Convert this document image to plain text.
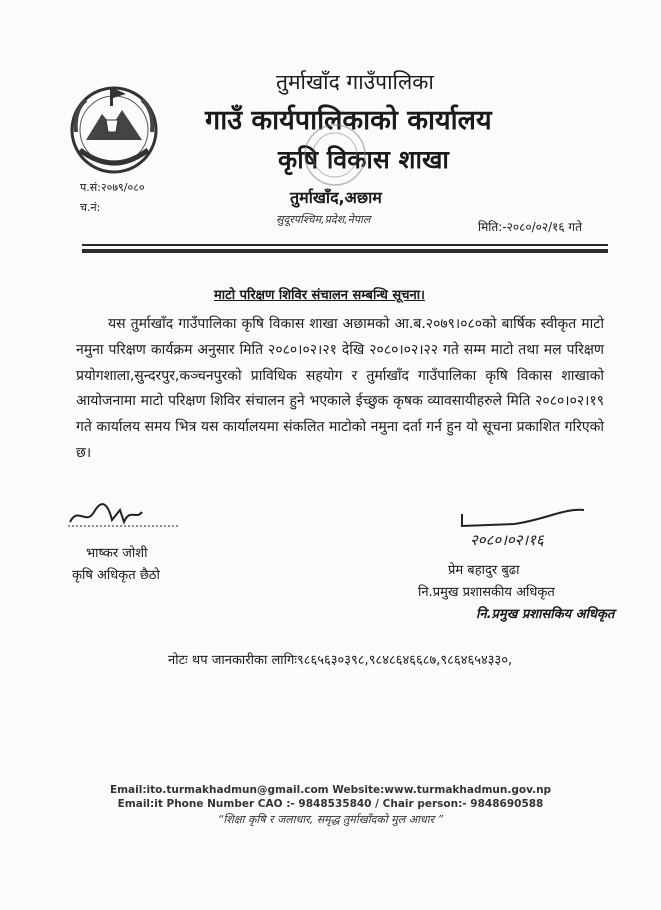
तुर्माखाँद गाउँपालिका
गाउँ कार्यपालिकाको कार्यालय
कृषि विकास शाखा
तुर्माखाँद,अछाम
सुदूरपश्चिम,प्रदेश,नेपाल
प.सं:२०७९/०८०
च.नं:
मिति:-२०८०/०२/१६ गते
माटो परिक्षण शिविर संचालन सम्बन्धि सूचना।
यस तुर्माखाँद गाउँपालिका कृषि विकास शाखा अछामको आ.ब.२०७९।०८०को बार्षिक स्वीकृत माटो नमुना परिक्षण कार्यक्रम अनुसार मिति २०८०।०२।२१ देखि २०८०।०२।२२ गते सम्म माटो तथा मल परिक्षण प्रयोगशाला,सुन्दरपुर,कञ्चनपुरको प्राविधिक सहयोग र तुर्माखाँद गाउँपालिका कृषि विकास शाखाको आयोजनामा माटो परिक्षण शिविर संचालन हुने भएकाले ईच्छुक कृषक व्यावसायीहरुले मिति २०८०।०२।१९ गते कार्यालय समय भित्र यस कार्यालयमा संकलित माटोको नमुना दर्ता गर्न हुन यो सूचना प्रकाशित गरिएको छ।
भाष्कर जोशी
कृषि अधिकृत छैठो
२०८०।०२।१६
प्रेम बहादुर बुढा
नि.प्रमुख प्रशासकीय अधिकृत
नि.प्रमुख प्रशासकिय अधिकृत
नोटः थप जानकारीका लागिः९८६५६३०३९८,९८४८६४६६८७,९८६४६५४३३०,
Email:ito.turmakhadmun@gmail.com Website:www.turmakhadmun.gov.np
Email:it Phone Number CAO :- 9848535840 / Chair person:- 9848690588
“शिक्षा कृषि र जलाधार, समृद्ध तुर्माखाँदको मुल आधार ”
